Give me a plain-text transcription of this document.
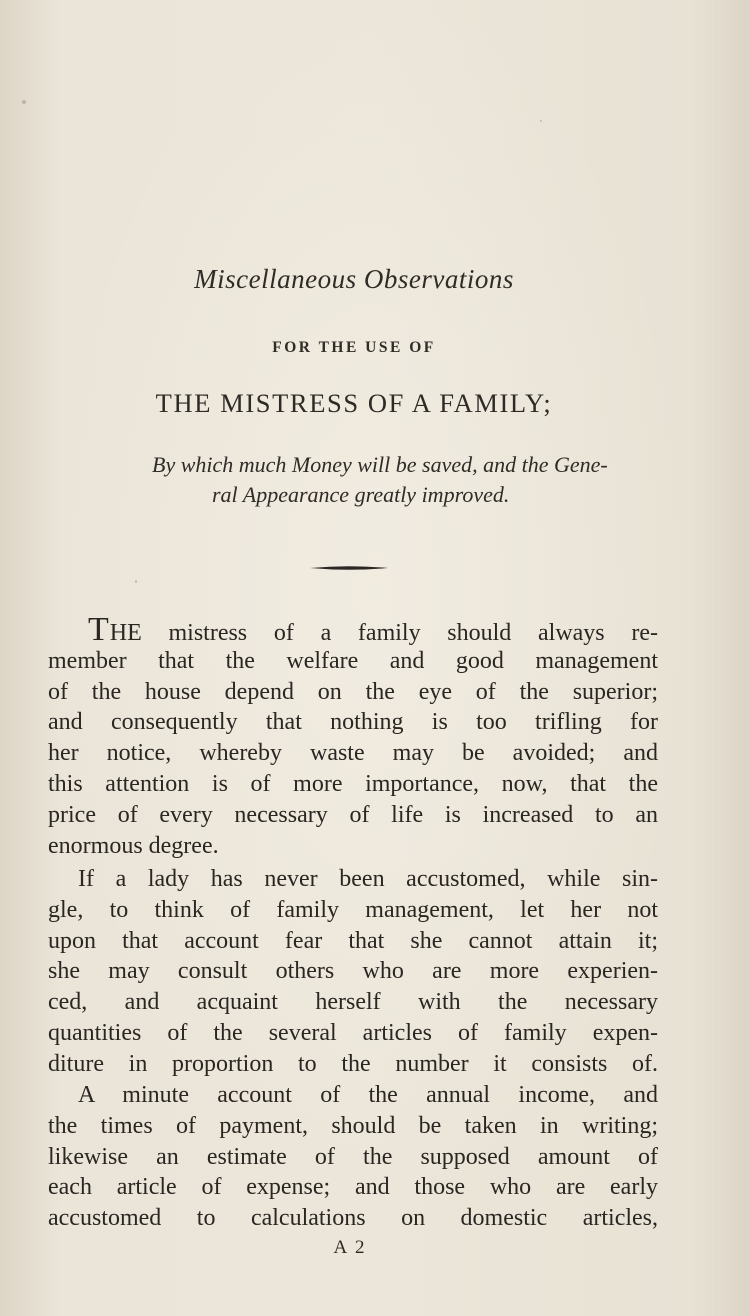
Miscellaneous Observations
FOR THE USE OF
THE MISTRESS OF A FAMILY;
By which much Money will be saved, and the Gene-
ral Appearance greatly improved.
THE mistress of a family should always re-
member that the welfare and good management
of the house depend on the eye of the superior;
and consequently that nothing is too trifling for
her notice, whereby waste may be avoided; and
this attention is of more importance, now, that the
price of every necessary of life is increased to an
enormous degree.
If a lady has never been accustomed, while sin-
gle, to think of family management, let her not
upon that account fear that she cannot attain it;
she may consult others who are more experien-
ced, and acquaint herself with the necessary
quantities of the several articles of family expen-
diture in proportion to the number it consists of.
A minute account of the annual income, and
the times of payment, should be taken in writing;
likewise an estimate of the supposed amount of
each article of expense; and those who are early
accustomed to calculations on domestic articles,
A 2
